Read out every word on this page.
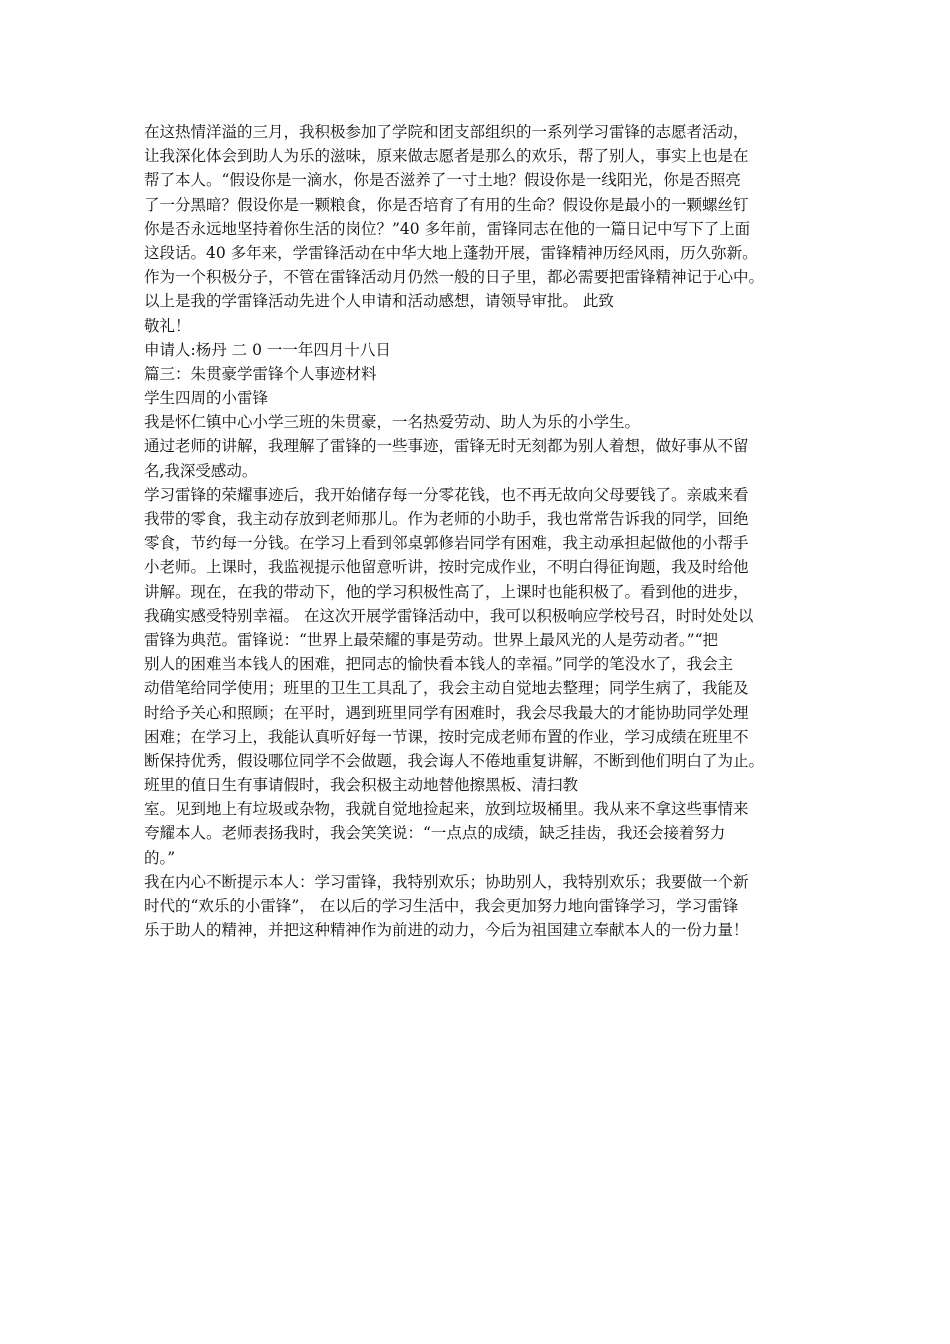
在这热情洋溢的三月，我积极参加了学院和团支部组织的一系列学习雷锋的志愿者活动，
让我深化体会到助人为乐的滋味，原来做志愿者是那么的欢乐，帮了别人，事实上也是在
帮了本人。“假设你是一滴水，你是否滋养了一寸土地？假设你是一线阳光，你是否照亮
了一分黑暗？假设你是一颗粮食，你是否培育了有用的生命？假设你是最小的一颗螺丝钉
你是否永远地坚持着你生活的岗位？”40 多年前，雷锋同志在他的一篇日记中写下了上面
这段话。40 多年来，学雷锋活动在中华大地上蓬勃开展，雷锋精神历经风雨，历久弥新。
作为一个积极分子，不管在雷锋活动月仍然一般的日子里，都必需要把雷锋精神记于心中。
以上是我的学雷锋活动先进个人申请和活动感想，请领导审批。 此致
敬礼！
申请人:杨丹 二 0 一一年四月十八日
篇三：朱贯豪学雷锋个人事迹材料
学生四周的小雷锋
我是怀仁镇中心小学三班的朱贯豪，一名热爱劳动、助人为乐的小学生。
通过老师的讲解，我理解了雷锋的一些事迹，雷锋无时无刻都为别人着想，做好事从不留
名,我深受感动。
学习雷锋的荣耀事迹后，我开始储存每一分零花钱，也不再无故向父母要钱了。亲戚来看
我带的零食，我主动存放到老师那儿。作为老师的小助手，我也常常告诉我的同学，回绝
零食，节约每一分钱。在学习上看到邻桌郭修岩同学有困难，我主动承担起做他的小帮手
小老师。上课时，我监视提示他留意听讲，按时完成作业，不明白得征询题，我及时给他
讲解。现在，在我的带动下，他的学习积极性高了，上课时也能积极了。看到他的进步，
我确实感受特别幸福。 在这次开展学雷锋活动中，我可以积极响应学校号召，时时处处以
雷锋为典范。雷锋说：“世界上最荣耀的事是劳动。世界上最风光的人是劳动者。”“把
别人的困难当本钱人的困难，把同志的愉快看本钱人的幸福。”同学的笔没水了，我会主
动借笔给同学使用；班里的卫生工具乱了，我会主动自觉地去整理；同学生病了，我能及
时给予关心和照顾；在平时，遇到班里同学有困难时，我会尽我最大的才能协助同学处理
困难；在学习上，我能认真听好每一节课，按时完成老师布置的作业，学习成绩在班里不
断保持优秀，假设哪位同学不会做题，我会诲人不倦地重复讲解，不断到他们明白了为止。
班里的值日生有事请假时，我会积极主动地替他擦黑板、清扫教
室。见到地上有垃圾或杂物，我就自觉地捡起来，放到垃圾桶里。我从来不拿这些事情来
夸耀本人。老师表扬我时，我会笑笑说：“一点点的成绩，缺乏挂齿，我还会接着努力
的。”
我在内心不断提示本人：学习雷锋，我特别欢乐；协助别人，我特别欢乐；我要做一个新
时代的“欢乐的小雷锋”， 在以后的学习生活中，我会更加努力地向雷锋学习，学习雷锋
乐于助人的精神，并把这种精神作为前进的动力，今后为祖国建立奉献本人的一份力量！
